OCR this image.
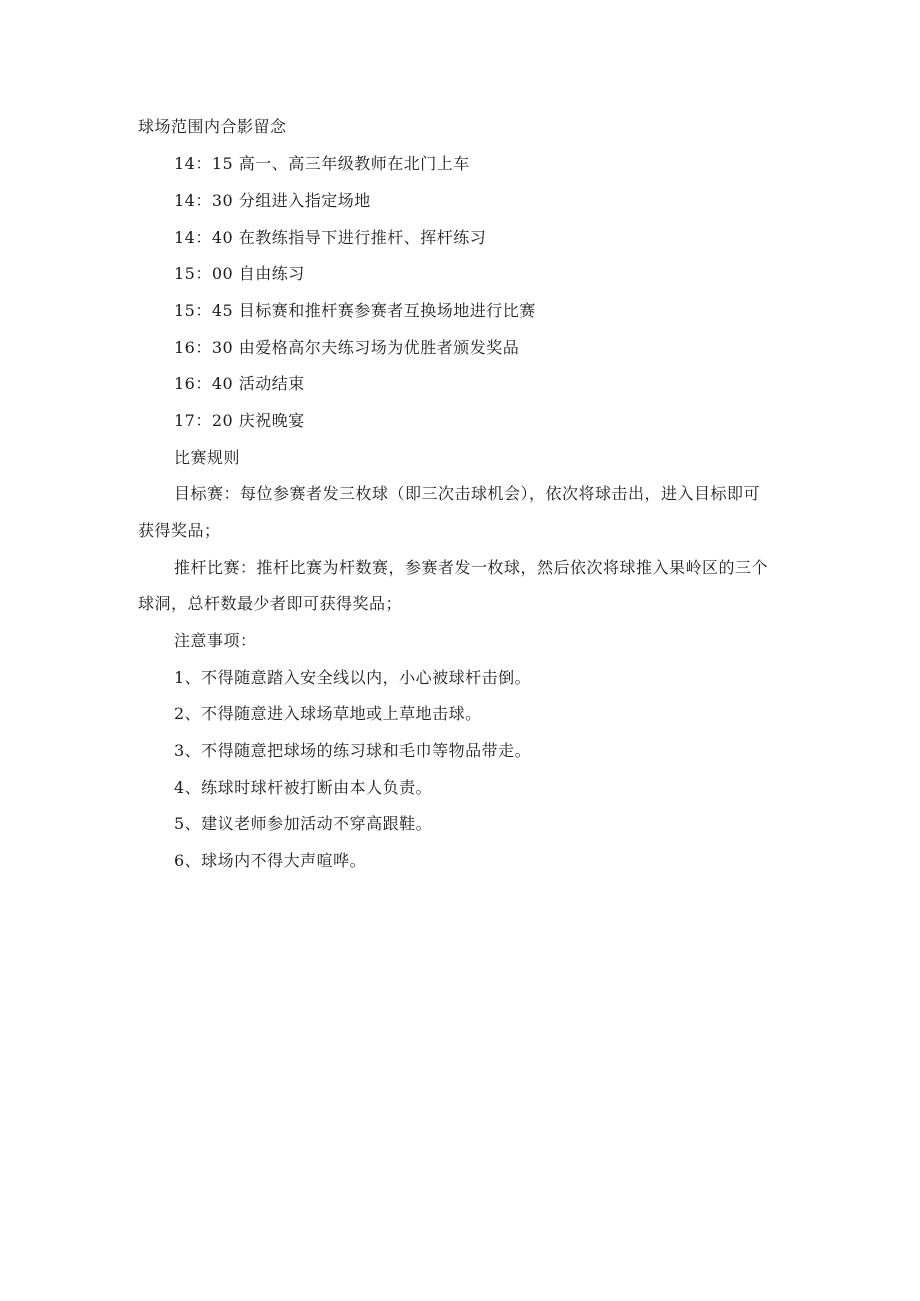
球场范围内合影留念
14：15 高一、高三年级教师在北门上车
14：30 分组进入指定场地
14：40 在教练指导下进行推杆、挥杆练习
15：00 自由练习
15：45 目标赛和推杆赛参赛者互换场地进行比赛
16：30 由爱格高尔夫练习场为优胜者颁发奖品
16：40 活动结束
17：20 庆祝晚宴
比赛规则
目标赛：每位参赛者发三枚球（即三次击球机会），依次将球击出，进入目标即可
获得奖品；
推杆比赛：推杆比赛为杆数赛，参赛者发一枚球，然后依次将球推入果岭区的三个
球洞，总杆数最少者即可获得奖品；
注意事项：
1、不得随意踏入安全线以内，小心被球杆击倒。
2、不得随意进入球场草地或上草地击球。
3、不得随意把球场的练习球和毛巾等物品带走。
4、练球时球杆被打断由本人负责。
5、建议老师参加活动不穿高跟鞋。
6、球场内不得大声喧哗。
